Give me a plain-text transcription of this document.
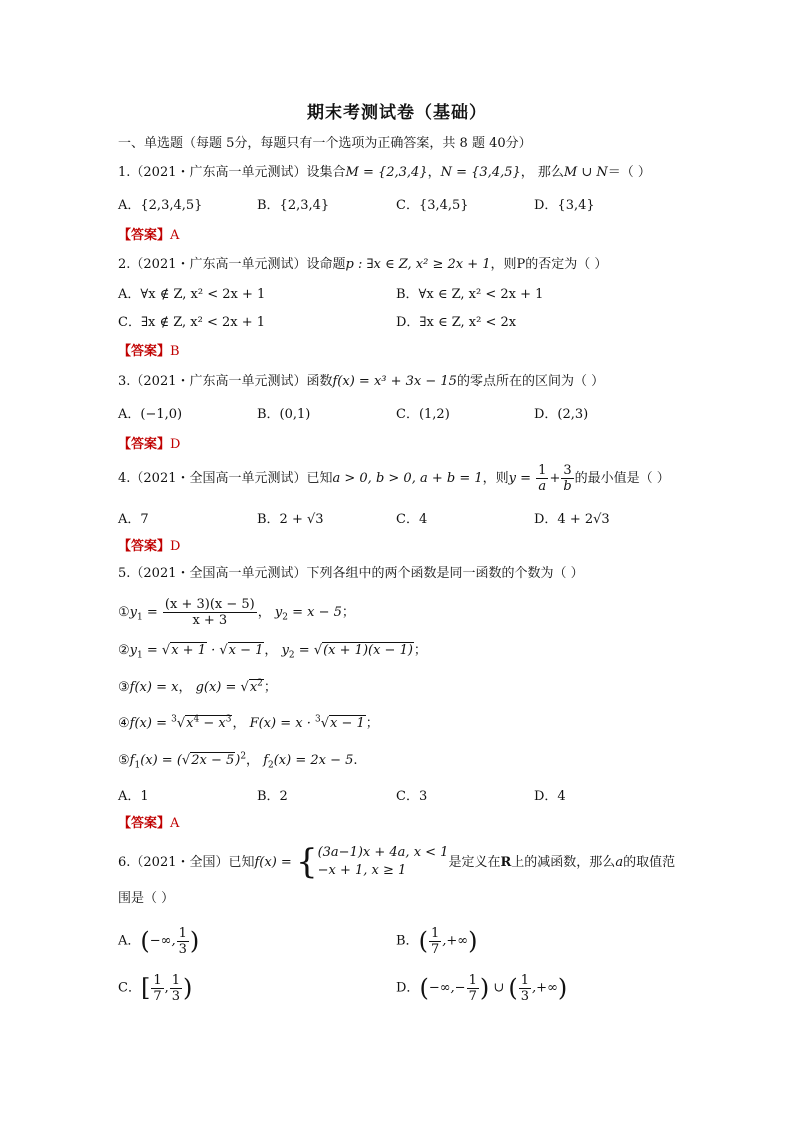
期末考测试卷（基础）
一、单选题（每题 5分，每题只有一个选项为正确答案，共 8 题 40分）
1.（2021・广东高一单元测试）设集合M = {2,3,4}，N = {3,4,5}， 那么M ∪ N＝（ ）
A．{2,3,4,5}	B．{2,3,4}	C．{3,4,5}	D．{3,4}
【答案】A
2.（2021・广东高一单元测试）设命题p : ∃x ∈ Z, x² ≥ 2x + 1，则P的否定为（ ）
A．∀x ∉ Z, x² < 2x + 1	B．∀x ∈ Z, x² < 2x + 1
C．∃x ∉ Z, x² < 2x + 1	D．∃x ∈ Z, x² < 2x
【答案】B
3.（2021・广东高一单元测试）函数f(x) = x³ + 3x − 15的零点所在的区间为（ ）
A．(−1,0)	B．(0,1)	C．(1,2)	D．(2,3)
【答案】D
4.（2021・全国高一单元测试）已知a > 0, b > 0, a + b = 1，则$y = \frac{1}{a} + \frac{3}{b}$ 的最小值是（ ）
A．7	B．2 + √3	C．4	D．4 + 2√3
【答案】D
5.（2021・全国高一单元测试）下列各组中的两个函数是同一函数的个数为（ ）
$①y_1 = \frac{(x + 3)(x - 5)}{x + 3}$ ， $y_2 = x - 5$；
$②y_1 = √x + 1 \cdot √x - 1$， $y_2 = √(x + 1)(x - 1)$；
③f(x) = x， $g(x) = √x^2$；
④f(x) = $^3√x^4 - x^3$， F(x) = x · $^3$√x − 1；
$⑤f_1(x) = (√2x - 5)^2$， $f_2(x) = 2x - 5$.
A．1	B．2	C．3	D．4
【答案】A
6.（2021・全国）已知f(x) = { (3a−1)x + 4a, x < 1
−x + 1, x ≥ 1
是定义在R上的减函数，那么a的取值范
围是（ ）
A．(−∞, $\frac{1}{3}$ )	B．( $\frac{1}{7}$ ,+∞)
C．[ $\frac{1}{7}$ , $\frac{1}{3}$ )	D．(−∞,− $\frac{1}{7}$ ) ∪ ( $\frac{1}{3}$ ,+∞)
